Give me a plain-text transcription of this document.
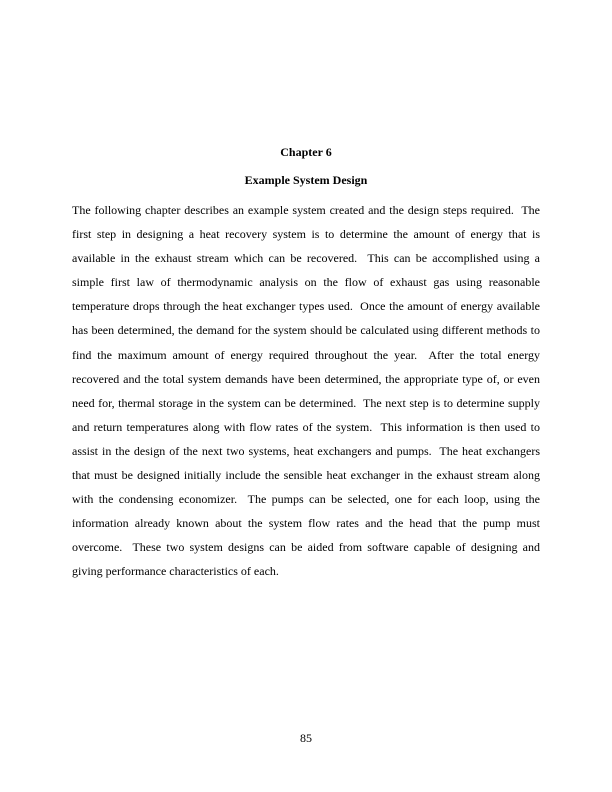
Chapter 6
Example System Design

The following chapter describes an example system created and the design steps required.  The first step in designing a heat recovery system is to determine the amount of energy that is available in the exhaust stream which can be recovered.  This can be accomplished using a simple first law of thermodynamic analysis on the flow of exhaust gas using reasonable temperature drops through the heat exchanger types used.  Once the amount of energy available has been determined, the demand for the system should be calculated using different methods to find the maximum amount of energy required throughout the year.  After the total energy recovered and the total system demands have been determined, the appropriate type of, or even need for, thermal storage in the system can be determined.  The next step is to determine supply and return temperatures along with flow rates of the system.  This information is then used to assist in the design of the next two systems, heat exchangers and pumps.  The heat exchangers that must be designed initially include the sensible heat exchanger in the exhaust stream along with the condensing economizer.  The pumps can be selected, one for each loop, using the information already known about the system flow rates and the head that the pump must overcome.  These two system designs can be aided from software capable of designing and giving performance characteristics of each.

85
